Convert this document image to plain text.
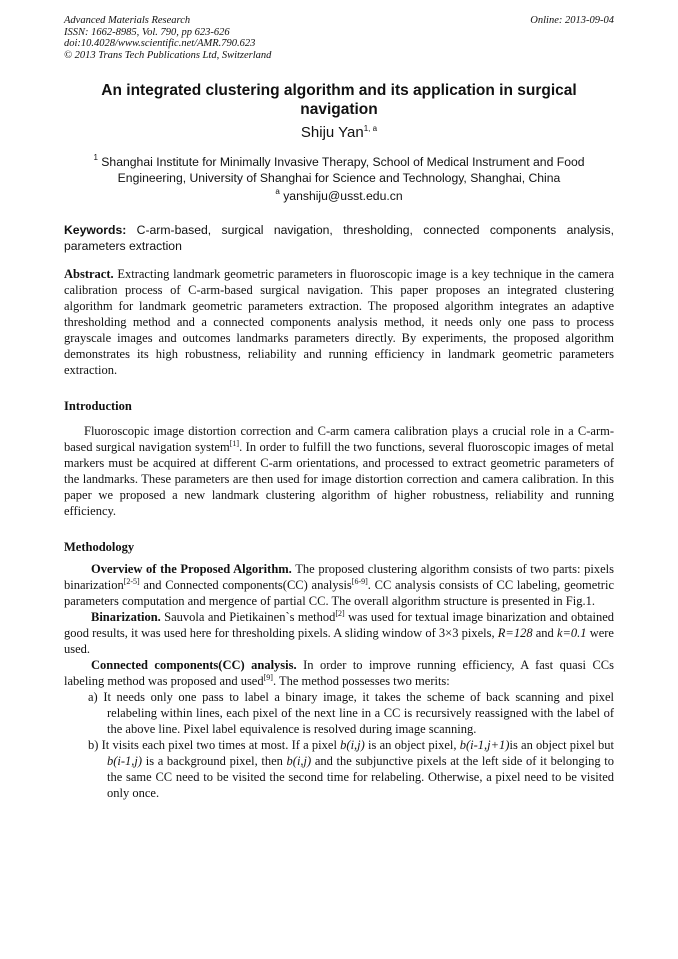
Advanced Materials Research
ISSN: 1662-8985, Vol. 790, pp 623-626
doi:10.4028/www.scientific.net/AMR.790.623
© 2013 Trans Tech Publications Ltd, Switzerland
Online: 2013-09-04
An integrated clustering algorithm and its application in surgical navigation
Shiju Yan$^{1, a}$
$^1$ Shanghai Institute for Minimally Invasive Therapy, School of Medical Instrument and Food Engineering, University of Shanghai for Science and Technology, Shanghai, China
$^a$ yanshiju@usst.edu.cn
Keywords: C-arm-based, surgical navigation, thresholding, connected components analysis, parameters extraction
Abstract. Extracting landmark geometric parameters in fluoroscopic image is a key technique in the camera calibration process of C-arm-based surgical navigation. This paper proposes an integrated clustering algorithm for landmark geometric parameters extraction. The proposed algorithm integrates an adaptive thresholding method and a connected components analysis method, it needs only one pass to process grayscale images and outcomes landmarks parameters directly. By experiments, the proposed algorithm demonstrates its high robustness, reliability and running efficiency in landmark geometric parameters extraction.
Introduction
Fluoroscopic image distortion correction and C-arm camera calibration plays a crucial role in a C-arm-based surgical navigation system[1]. In order to fulfill the two functions, several fluoroscopic images of metal markers must be acquired at different C-arm orientations, and processed to extract geometric parameters of the landmarks. These parameters are then used for image distortion correction and camera calibration. In this paper we proposed a new landmark clustering algorithm of higher robustness, reliability and running efficiency.
Methodology

Overview of the Proposed Algorithm. The proposed clustering algorithm consists of two parts: pixels binarization[2-5] and Connected components(CC) analysis[6-9]. CC analysis consists of CC labeling, geometric parameters computation and mergence of partial CC. The overall algorithm structure is presented in Fig.1.

Binarization. Sauvola and Pietikainen`s method[2] was used for textual image binarization and obtained good results, it was used here for thresholding pixels. A sliding window of 3×3 pixels, R=128 and k=0.1 were used.

Connected components(CC) analysis. In order to improve running efficiency, A fast quasi CCs labeling method was proposed and used[9]. The method possesses two merits:

a) It needs only one pass to label a binary image, it takes the scheme of back scanning and pixel relabeling within lines, each pixel of the next line in a CC is recursively reassigned with the label of the above line. Pixel label equivalence is resolved during image scanning.
b) It visits each pixel two times at most. If a pixel b(i,j) is an object pixel, b(i-1,j+1)is an object pixel but b(i-1,j) is a background pixel, then b(i,j) and the subjunctive pixels at the left side of it belonging to the same CC need to be visited the second time for relabeling. Otherwise, a pixel need to be visited only once.
